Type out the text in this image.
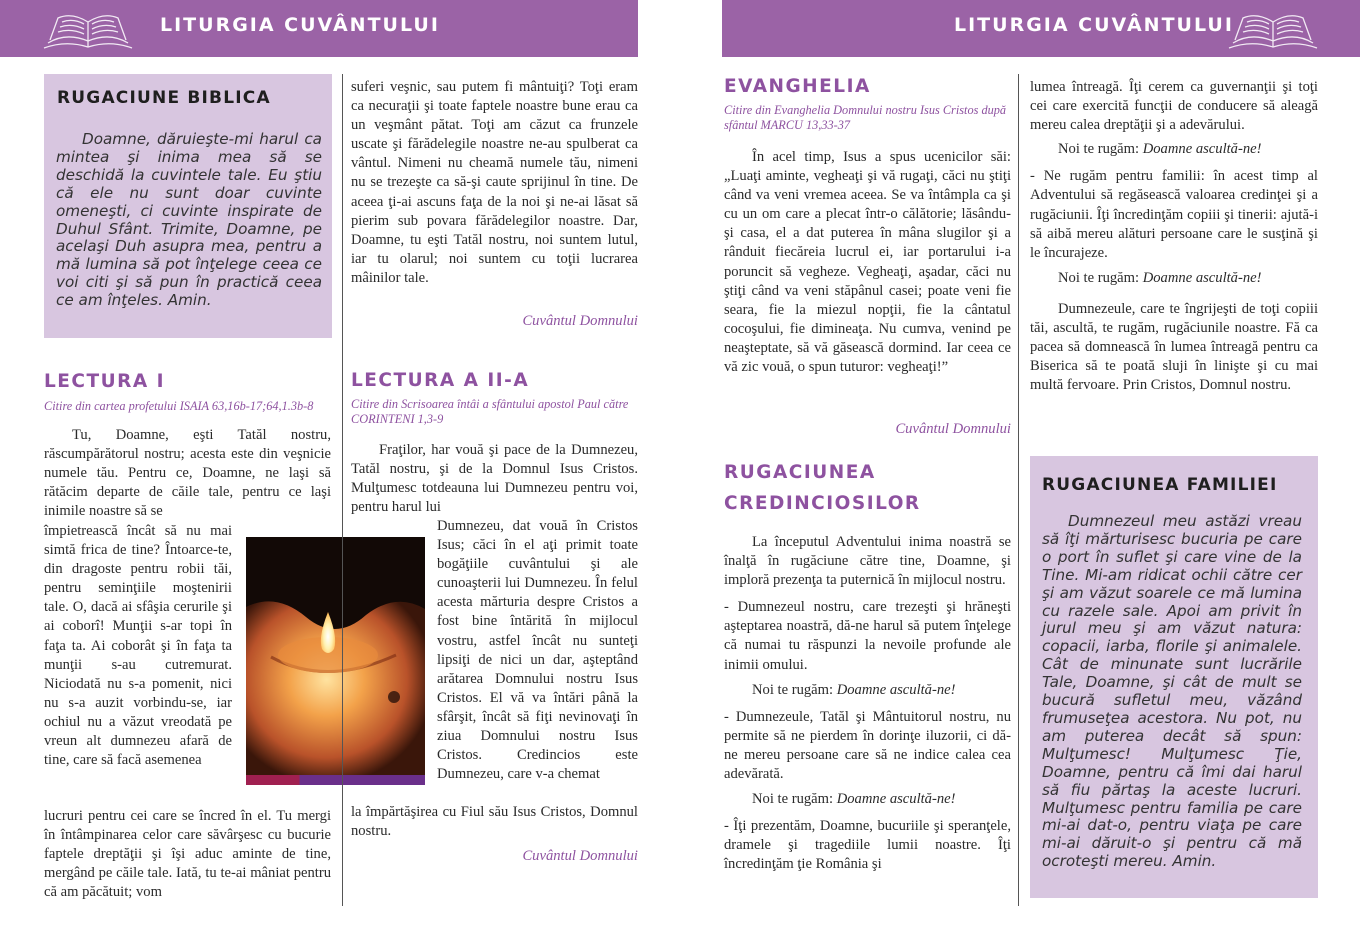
LITURGIA CUVÂNTULUI
RUGACIUNE BIBLICA
Doamne, dăruieşte-mi harul ca mintea şi inima mea să se deschidă la cuvintele tale. Eu ştiu că ele nu sunt doar cuvinte omeneşti, ci cuvinte inspirate de Duhul Sfânt. Trimite, Doamne, pe acelaşi Duh asupra mea, pentru a mă lumina să pot înţelege ceea ce voi citi şi să pun în practică ceea ce am înţeles. Amin.
LECTURA I
Citire din cartea profetului ISAIA 63,16b-17;64,1.3b-8

Tu, Doamne, eşti Tatăl nostru, răscumpărătorul nostru; acesta este din veşnicie numele tău. Pentru ce, Doamne, ne laşi să rătăcim departe de căile tale, pentru ce laşi inimile noastre să se

împietrească încât să nu mai simtă frica de tine? Întoarce-te, din dragoste pentru robii tăi, pentru seminţiile moştenirii tale. O, dacă ai sfâşia cerurile şi ai coborî! Munţii s-ar topi în faţa ta. Ai coborât şi în faţa ta munţii s-au cutremurat. Niciodată nu s-a pomenit, nici nu s-a auzit vorbindu-se, iar ochiul nu a văzut vreodată pe vreun alt dumnezeu afară de tine, care să facă asemenea

lucruri pentru cei care se încred în el. Tu mergi în întâmpinarea celor care săvârşesc cu bucurie faptele dreptăţii şi îşi aduc aminte de tine, mergând pe căile tale. Iată, tu te-ai mâniat pentru că am păcătuit; vom

suferi veşnic, sau putem fi mântuiţi? Toţi eram ca necuraţii şi toate faptele noastre bune erau ca un veşmânt pătat. Toţi am căzut ca frunzele uscate şi fărădelegile noastre ne-au spulberat ca vântul. Nimeni nu cheamă numele tău, nimeni nu se trezeşte ca să-şi caute sprijinul în tine. De aceea ţi-ai ascuns faţa de la noi şi ne-ai lăsat să pierim sub povara fărădelegilor noastre. Dar, Doamne, tu eşti Tatăl nostru, noi suntem lutul, iar tu olarul; noi suntem cu toţii lucrarea mâinilor tale.

Cuvântul Domnului
LECTURA A II-A
Citire din Scrisoarea întâi a sfântului apostol Paul către CORINTENI 1,3-9

Fraţilor, har vouă şi pace de la Dumnezeu, Tatăl nostru, şi de la Domnul Isus Cristos. Mulţumesc totdeauna lui Dumnezeu pentru voi, pentru harul lui

Dumnezeu, dat vouă în Cristos Isus; căci în el aţi primit toate bogăţiile cuvântului şi ale cunoaşterii lui Dumnezeu. În felul acesta mărturia despre Cristos a fost bine întărită în mijlocul vostru, astfel încât nu sunteţi lipsiţi de nici un dar, aşteptând arătarea Domnului nostru Isus Cristos. El vă va întări până la sfârşit, încât să fiţi nevinovaţi în ziua Domnului nostru Isus Cristos. Credincios este Dumnezeu, care v-a chemat

la împărtăşirea cu Fiul său Isus Cristos, Domnul nostru.

Cuvântul Domnului
LITURGIA CUVÂNTULUI
EVANGHELIA
Citire din Evanghelia Domnului nostru Isus Cristos după sfântul MARCU 13,33-37

În acel timp, Isus a spus ucenicilor săi: „Luaţi aminte, vegheaţi şi vă rugaţi, căci nu ştiţi când va veni vremea aceea. Se va întâmpla ca şi cu un om care a plecat într-o călătorie; lăsându-şi casa, el a dat puterea în mâna slugilor şi a rânduit fiecăreia lucrul ei, iar portarului i-a poruncit să vegheze. Vegheaţi, aşadar, căci nu ştiţi când va veni stăpânul casei; poate veni fie seara, fie la miezul nopţii, fie la cântatul cocoşului, fie dimineaţa. Nu cumva, venind pe neaşteptate, să vă găsească dormind. Iar ceea ce vă zic vouă, o spun tuturor: vegheaţi!”

Cuvântul Domnului
RUGACIUNEA
CREDINCIOSILOR

La începutul Adventului inima noastră se înalţă în rugăciune către tine, Doamne, şi imploră prezenţa ta puternică în mijlocul nostru.

- Dumnezeul nostru, care trezeşti şi hrăneşti aşteptarea noastră, dă-ne harul să putem înţelege că numai tu răspunzi la nevoile profunde ale inimii omului.

Noi te rugăm: Doamne ascultă-ne!

- Dumnezeule, Tatăl şi Mântuitorul nostru, nu permite să ne pierdem în dorinţe iluzorii, ci dă-ne mereu persoane care să ne indice calea cea adevărată.

Noi te rugăm: Doamne ascultă-ne!

- Îţi prezentăm, Doamne, bucuriile şi speranţele, dramele şi tragediile lumii noastre. Îţi încredinţăm ţie România şi

lumea întreagă. Îţi cerem ca guvernanţii şi toţi cei care exercită funcţii de conducere să aleagă mereu calea dreptăţii şi a adevărului.

Noi te rugăm: Doamne ascultă-ne!

- Ne rugăm pentru familii: în acest timp al Adventului să regăsească valoarea credinţei şi a rugăciunii. Îţi încredinţăm copiii şi tinerii: ajută-i să aibă mereu alături persoane care le susţină şi le încurajeze.

Noi te rugăm: Doamne ascultă-ne!

Dumnezeule, care te îngrijeşti de toţi copiii tăi, ascultă, te rugăm, rugăciunile noastre. Fă ca pacea să domnească în lumea întreagă pentru ca Biserica să te poată sluji în linişte şi cu mai multă fervoare. Prin Cristos, Domnul nostru.

RUGACIUNEA FAMILIEI
Dumnezeul meu astăzi vreau să îţi mărturisesc bucuria pe care o port în suflet şi care vine de la Tine. Mi-am ridicat ochii către cer şi am văzut soarele ce mă lumina cu razele sale. Apoi am privit în jurul meu şi am văzut natura: copacii, iarba, florile şi animalele. Cât de minunate sunt lucrările Tale, Doamne, şi cât de mult se bucură sufletul meu, văzând frumuseţea acestora. Nu pot, nu am puterea decât să spun: Mulţumesc! Mulţumesc Ţie, Doamne, pentru că îmi dai harul să fiu părtaş la aceste lucruri. Mulţumesc pentru familia pe care mi-ai dat-o, pentru viaţa pe care mi-ai dăruit-o şi pentru că mă ocroteşti mereu. Amin.
